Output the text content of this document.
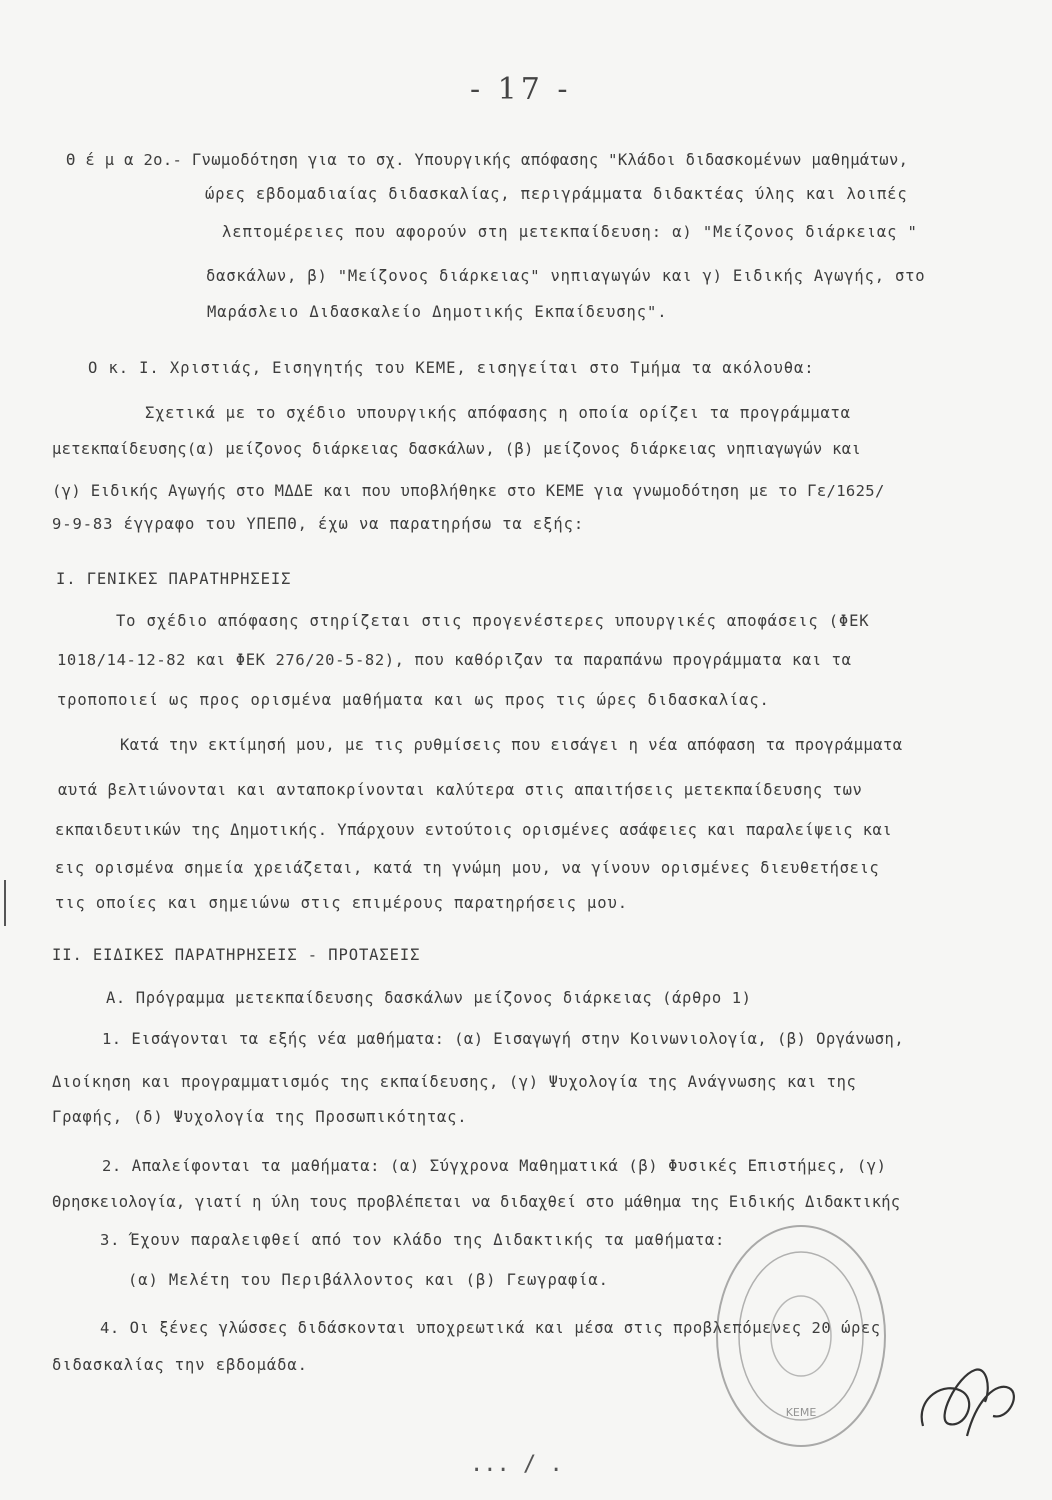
- 17 -
Θ έ μ α 2ο.- Γνωμοδότηση για το σχ. Υπουργικής απόφασης "Κλάδοι διδασκομένων μαθημάτων,
ώρες εβδομαδιαίας διδασκαλίας, περιγράμματα διδακτέας ύλης και λοιπές
λεπτομέρειες που αφορούν στη μετεκπαίδευση: α) "Μείζονος διάρκειας "
δασκάλων, β) "Μείζονος διάρκειας" νηπιαγωγών και γ) Ειδικής Αγωγής, στο
Μαράσλειο Διδασκαλείο Δημοτικής Εκπαίδευσης".
Ο κ. Ι. Χριστιάς, Εισηγητής του ΚΕΜΕ, εισηγείται στο Τμήμα τα ακόλουθα:
Σχετικά με το σχέδιο υπουργικής απόφασης η οποία ορίζει τα προγράμματα
μετεκπαίδευσης(α) μείζονος διάρκειας δασκάλων, (β) μείζονος διάρκειας νηπιαγωγών και
(γ) Ειδικής Αγωγής στο ΜΔΔΕ και που υποβλήθηκε στο ΚΕΜΕ για γνωμοδότηση με το Γε/1625/
9-9-83 έγγραφο του ΥΠΕΠΘ, έχω να παρατηρήσω τα εξής:
Ι. ΓΕΝΙΚΕΣ ΠΑΡΑΤΗΡΗΣΕΙΣ
Το σχέδιο απόφασης στηρίζεται στις προγενέστερες υπουργικές αποφάσεις (ΦΕΚ
1018/14-12-82 και ΦΕΚ 276/20-5-82), που καθόριζαν τα παραπάνω προγράμματα και τα
τροποποιεί ως προς ορισμένα μαθήματα και ως προς τις ώρες διδασκαλίας.
Κατά την εκτίμησή μου, με τις ρυθμίσεις που εισάγει η νέα απόφαση τα προγράμματα
αυτά βελτιώνονται και ανταποκρίνονται καλύτερα στις απαιτήσεις μετεκπαίδευσης των
εκπαιδευτικών της Δημοτικής. Υπάρχουν εντούτοις ορισμένες ασάφειες και παραλείψεις και
εις ορισμένα σημεία χρειάζεται, κατά τη γνώμη μου, να γίνουν ορισμένες διευθετήσεις
τις οποίες και σημειώνω στις επιμέρους παρατηρήσεις μου.
ΙΙ. ΕΙΔΙΚΕΣ ΠΑΡΑΤΗΡΗΣΕΙΣ - ΠΡΟΤΑΣΕΙΣ
Α. Πρόγραμμα μετεκπαίδευσης δασκάλων μείζονος διάρκειας (άρθρο 1)
1. Εισάγονται τα εξής νέα μαθήματα: (α) Εισαγωγή στην Κοινωνιολογία, (β) Οργάνωση,
Διοίκηση και προγραμματισμός της εκπαίδευσης, (γ) Ψυχολογία της Ανάγνωσης και της
Γραφής, (δ) Ψυχολογία της Προσωπικότητας.
2. Απαλείφονται τα μαθήματα: (α) Σύγχρονα Μαθηματικά (β) Φυσικές Επιστήμες, (γ)
Θρησκειολογία, γιατί η ύλη τους προβλέπεται να διδαχθεί στο μάθημα της Ειδικής Διδακτικής
3. Έχουν παραλειφθεί από τον κλάδο της Διδακτικής τα μαθήματα:
(α) Μελέτη του Περιβάλλοντος και (β) Γεωγραφία.
4. Οι ξένες γλώσσες διδάσκονται υποχρεωτικά και μέσα στις προβλεπόμενες 20 ώρες
διδασκαλίας την εβδομάδα.
ΚΕΜΕ
... / .
